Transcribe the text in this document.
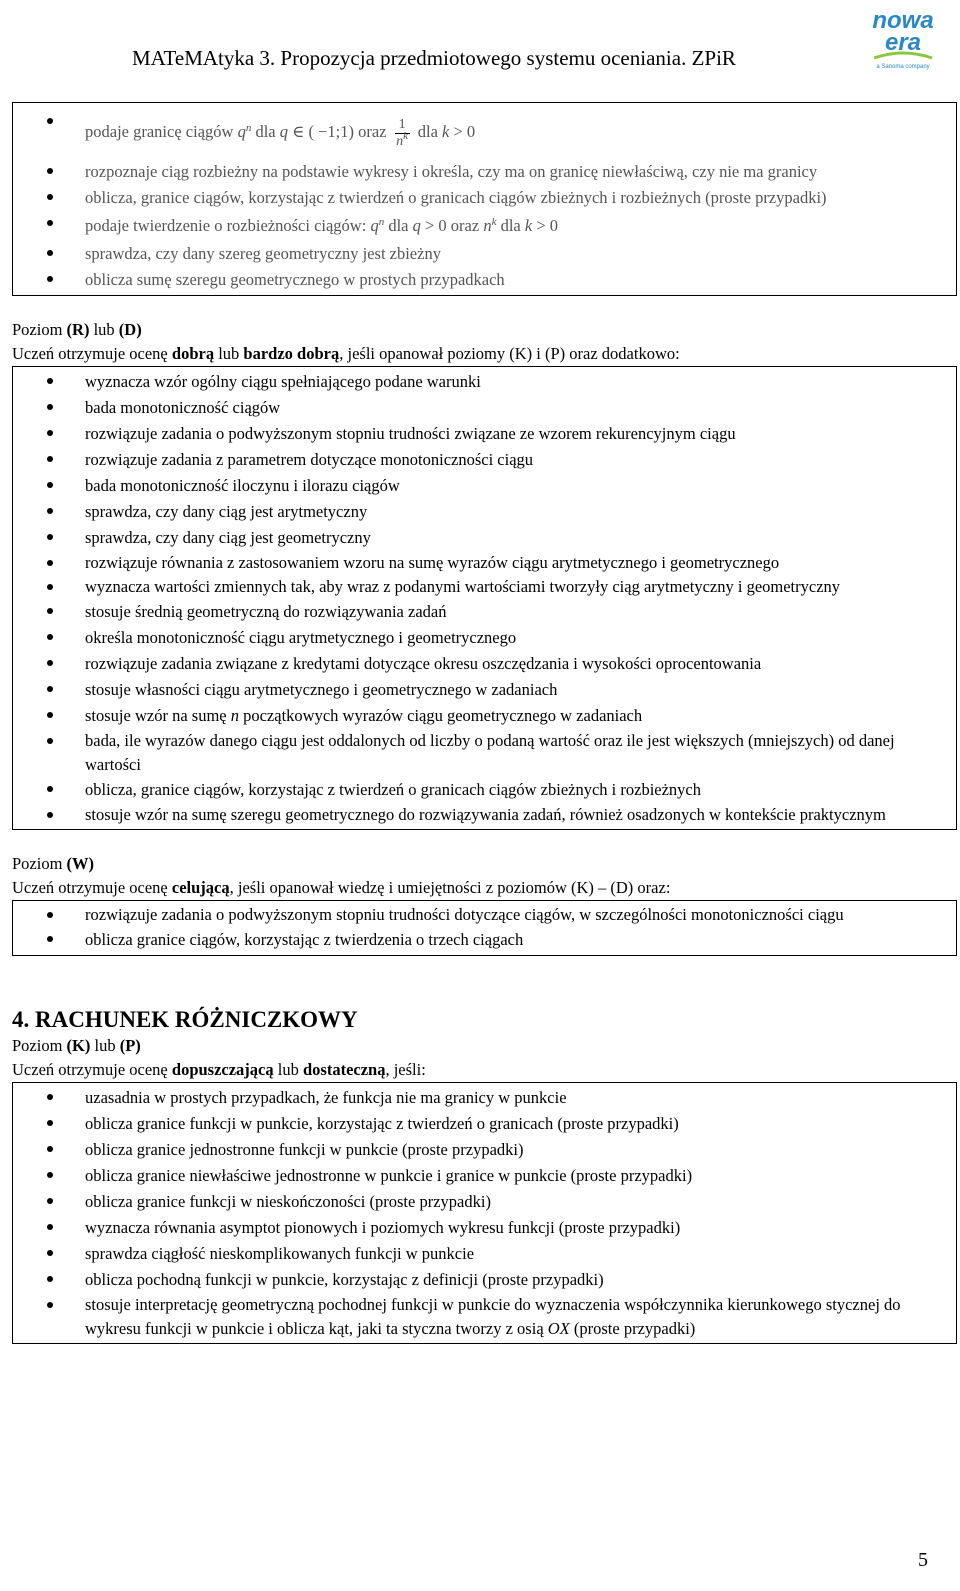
MATeMAtyka 3. Propozycja przedmiotowego systemu oceniania. ZPiR
nowa
era
a Sanoma company
podaje granicę ciągów $q^n$ dla q ∈ ( −1;1) oraz $\frac{1}{n^k}$ dla k > 0
rozpoznaje ciąg rozbieżny na podstawie wykresy i określa, czy ma on granicę niewłaściwą, czy nie ma granicy
oblicza, granice ciągów, korzystając z twierdzeń o granicach ciągów zbieżnych i rozbieżnych (proste przypadki)
podaje twierdzenie o rozbieżności ciągów: $q^n$ dla q > 0 oraz $n^k$ dla k > 0
sprawdza, czy dany szereg geometryczny jest zbieżny
oblicza sumę szeregu geometrycznego w prostych przypadkach

Poziom (R) lub (D)

Uczeń otrzymuje ocenę dobrą lub bardzo dobrą, jeśli opanował poziomy (K) i (P) oraz dodatkowo:

wyznacza wzór ogólny ciągu spełniającego podane warunki
bada monotoniczność ciągów
rozwiązuje zadania o podwyższonym stopniu trudności związane ze wzorem rekurencyjnym ciągu
rozwiązuje zadania z parametrem dotyczące monotoniczności ciągu
bada monotoniczność iloczynu i ilorazu ciągów
sprawdza, czy dany ciąg jest arytmetyczny
sprawdza, czy dany ciąg jest geometryczny
rozwiązuje równania z zastosowaniem wzoru na sumę wyrazów ciągu arytmetycznego i geometrycznego
wyznacza wartości zmiennych tak, aby wraz z podanymi wartościami tworzyły ciąg arytmetyczny i geometryczny
stosuje średnią geometryczną do rozwiązywania zadań
określa monotoniczność ciągu arytmetycznego i geometrycznego
rozwiązuje zadania związane z kredytami dotyczące okresu oszczędzania i wysokości oprocentowania
stosuje własności ciągu arytmetycznego i geometrycznego w zadaniach
stosuje wzór na sumę n początkowych wyrazów ciągu geometrycznego w zadaniach
bada, ile wyrazów danego ciągu jest oddalonych od liczby o podaną wartość oraz ile jest większych (mniejszych) od danej wartości
oblicza, granice ciągów, korzystając z twierdzeń o granicach ciągów zbieżnych i rozbieżnych
stosuje wzór na sumę szeregu geometrycznego do rozwiązywania zadań, również osadzonych w kontekście praktycznym

Poziom (W)

Uczeń otrzymuje ocenę celującą, jeśli opanował wiedzę i umiejętności z poziomów (K) – (D) oraz:

rozwiązuje zadania o podwyższonym stopniu trudności dotyczące ciągów, w szczególności monotoniczności ciągu
oblicza granice ciągów, korzystając z twierdzenia o trzech ciągach

4. RACHUNEK RÓŻNICZKOWY

Poziom (K) lub (P)

Uczeń otrzymuje ocenę dopuszczającą lub dostateczną, jeśli:

uzasadnia w prostych przypadkach, że funkcja nie ma granicy w punkcie
oblicza granice funkcji w punkcie, korzystając z twierdzeń o granicach (proste przypadki)
oblicza granice jednostronne funkcji w punkcie (proste przypadki)
oblicza granice niewłaściwe jednostronne w punkcie i granice w punkcie (proste przypadki)
oblicza granice funkcji w nieskończoności (proste przypadki)
wyznacza równania asymptot pionowych i poziomych wykresu funkcji (proste przypadki)
sprawdza ciągłość nieskomplikowanych funkcji w punkcie
oblicza pochodną funkcji w punkcie, korzystając z definicji (proste przypadki)
stosuje interpretację geometryczną pochodnej funkcji w punkcie do wyznaczenia współczynnika kierunkowego stycznej do wykresu funkcji w punkcie i oblicza kąt, jaki ta styczna tworzy z osią OX (proste przypadki)
5
